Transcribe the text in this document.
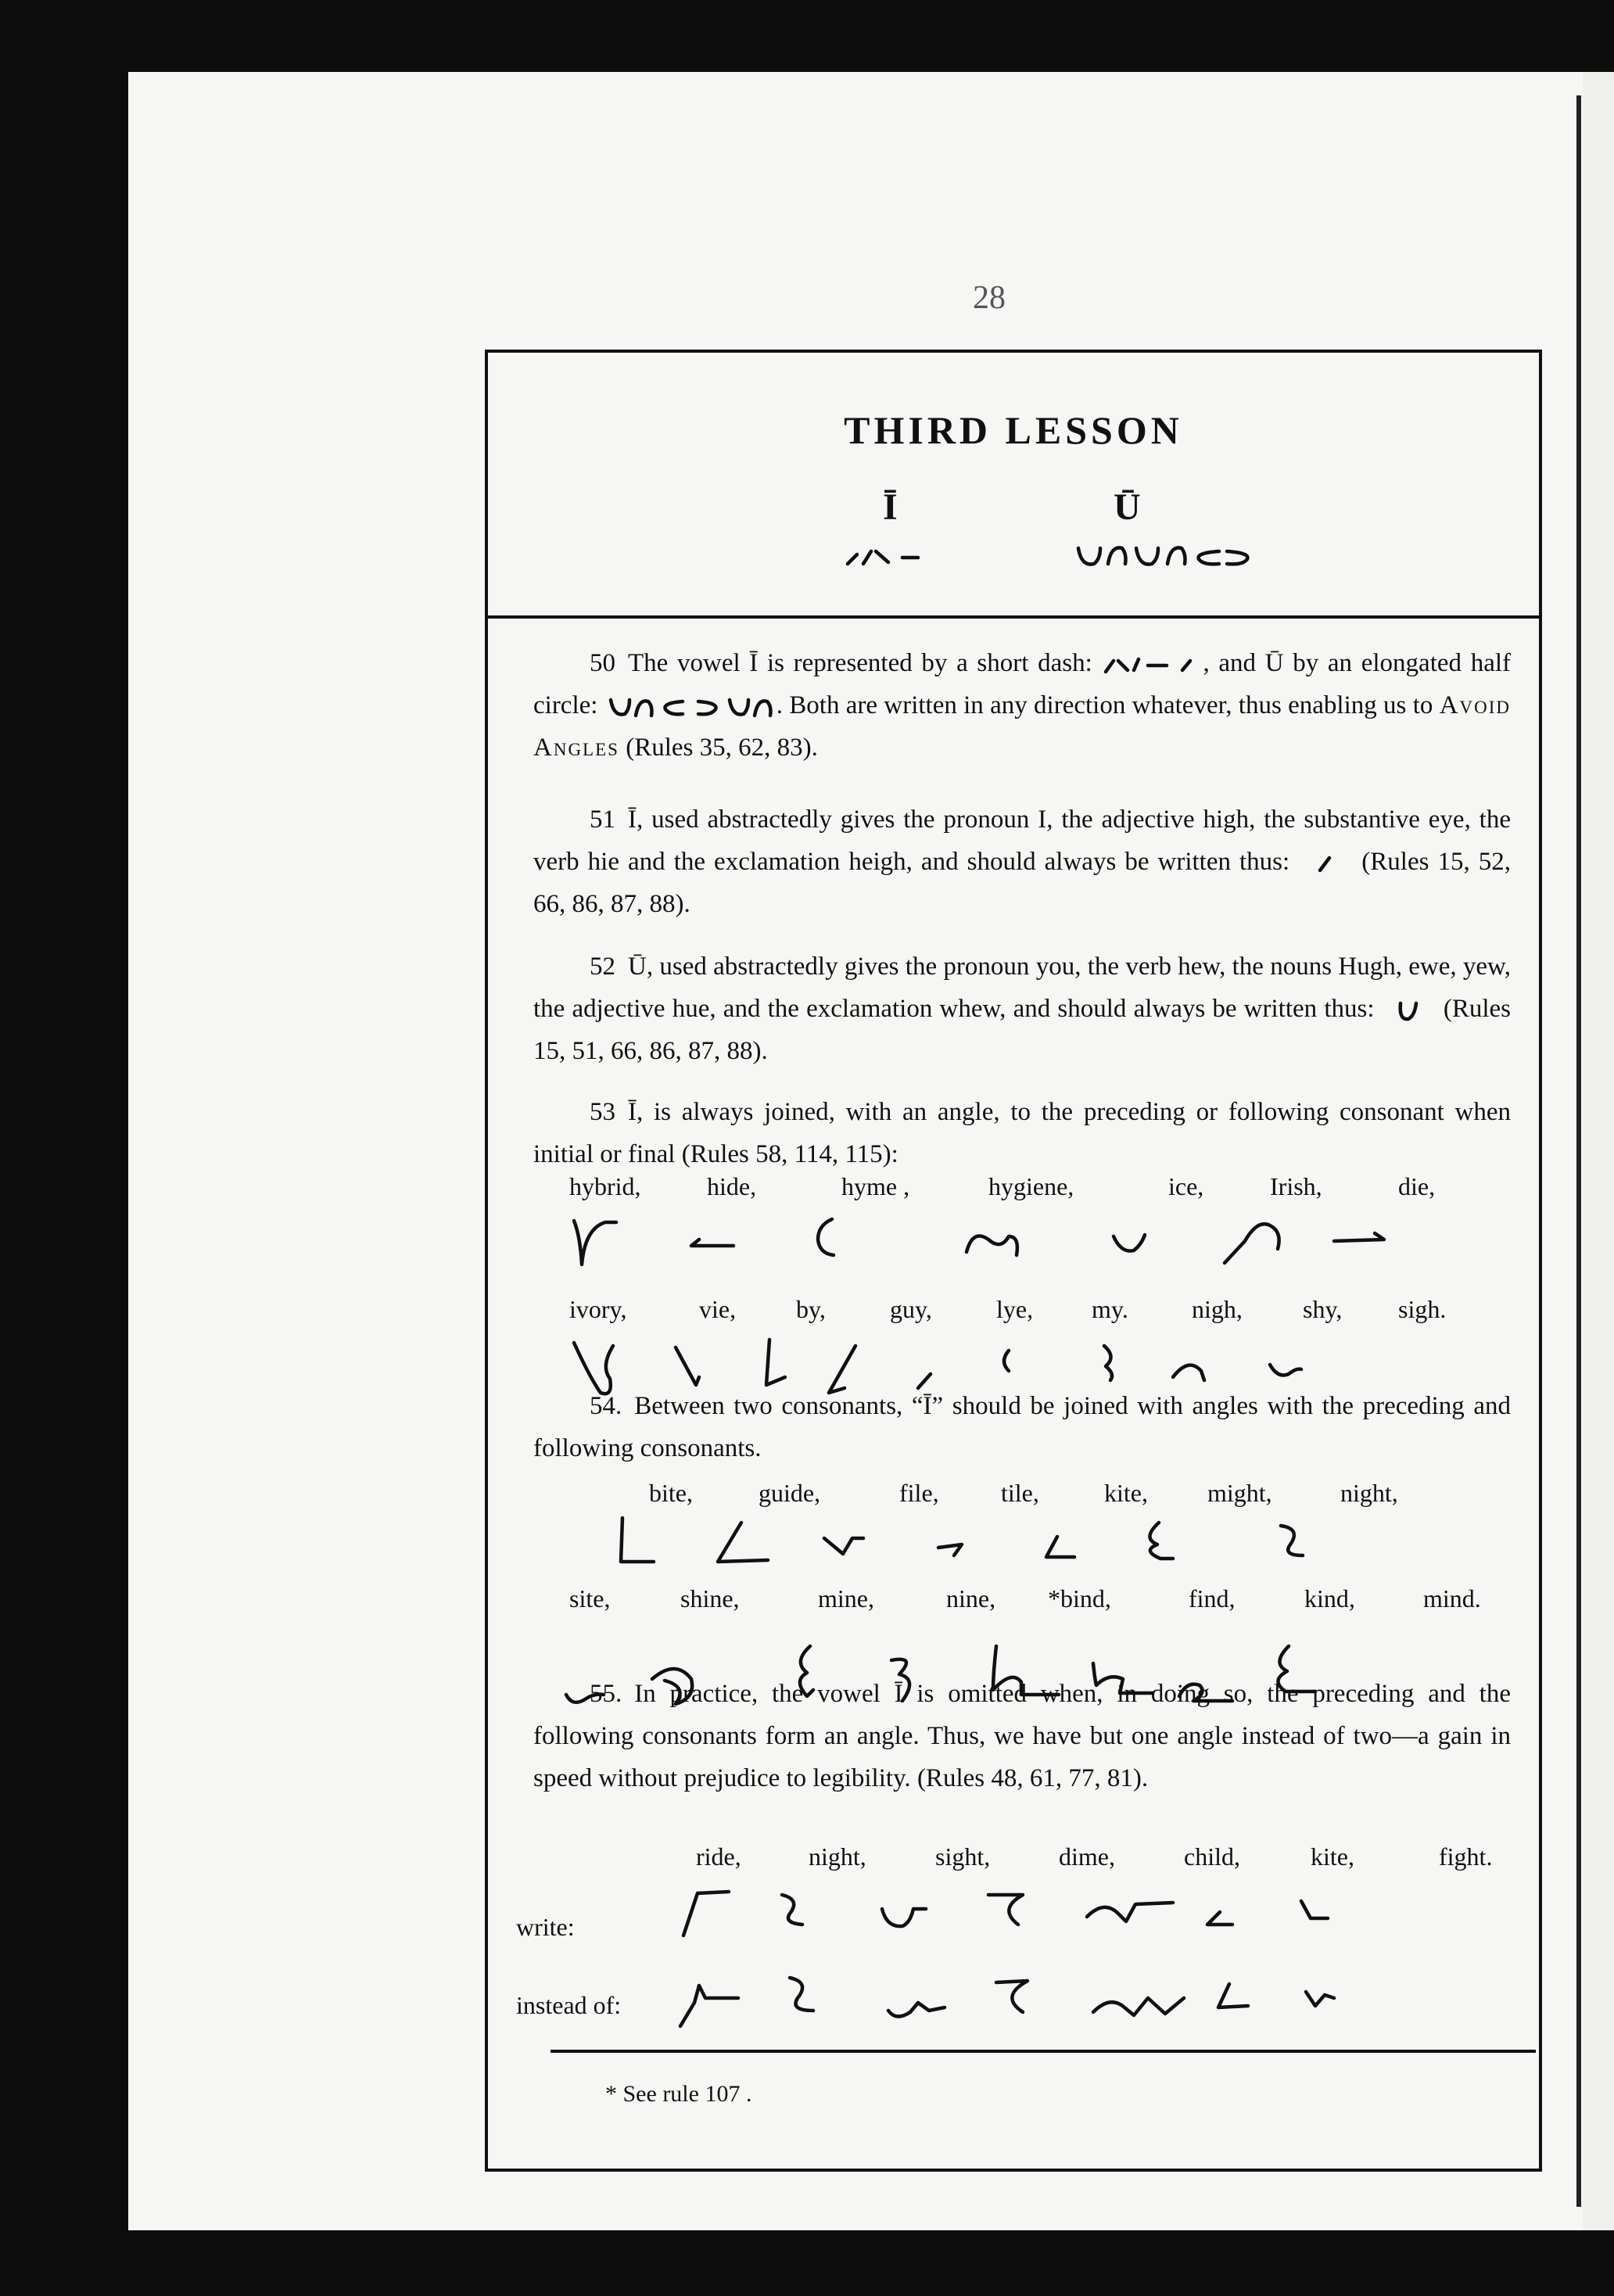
28
THIRD LESSON
Ī	Ū
50 The vowel Ī is represented by a short dash:	, and Ū by an elongated half circle:	. Both are written in any direction whatever, thus enabling us to Avoid Angles (Rules 35, 62, 83).
51 Ī, used abstractedly gives the pronoun I, the adjective high, the substantive eye, the verb hie and the exclamation heigh, and should always be written thus:	(Rules 15, 52, 66, 86, 87, 88).
52 Ū, used abstractedly gives the pronoun you, the verb hew, the nouns Hugh, ewe, yew, the adjective hue, and the exclamation whew, and should always be written thus:	(Rules 15, 51, 66, 86, 87, 88).
53 Ī, is always joined, with an angle, to the preceding or following consonant when initial or final (Rules 58, 114, 115):
hybrid,	hide,	hyme ,	hygiene,	ice,	Irish,	die,
ivory,	vie, by,	guy,	lye, my.	nigh, shy, sigh.
54. Between two consonants, “Ī” should be joined with angles with the preceding and following consonants.
bite,	guide,	file, tile,	kite, might,	night,
site,	shine,	mine,	nine, *bind,	find,	kind,	mind.
55. In practice, the vowel Ī is omitted when, in doing so, the preceding and the following consonants form an angle. Thus, we have but one angle instead of two—a gain in speed without prejudice to legibility. (Rules 48, 61, 77, 81).
ride,	night,	sight,	dime,	child,	kite,	fight.
write:
instead of:
* See rule 107 .
